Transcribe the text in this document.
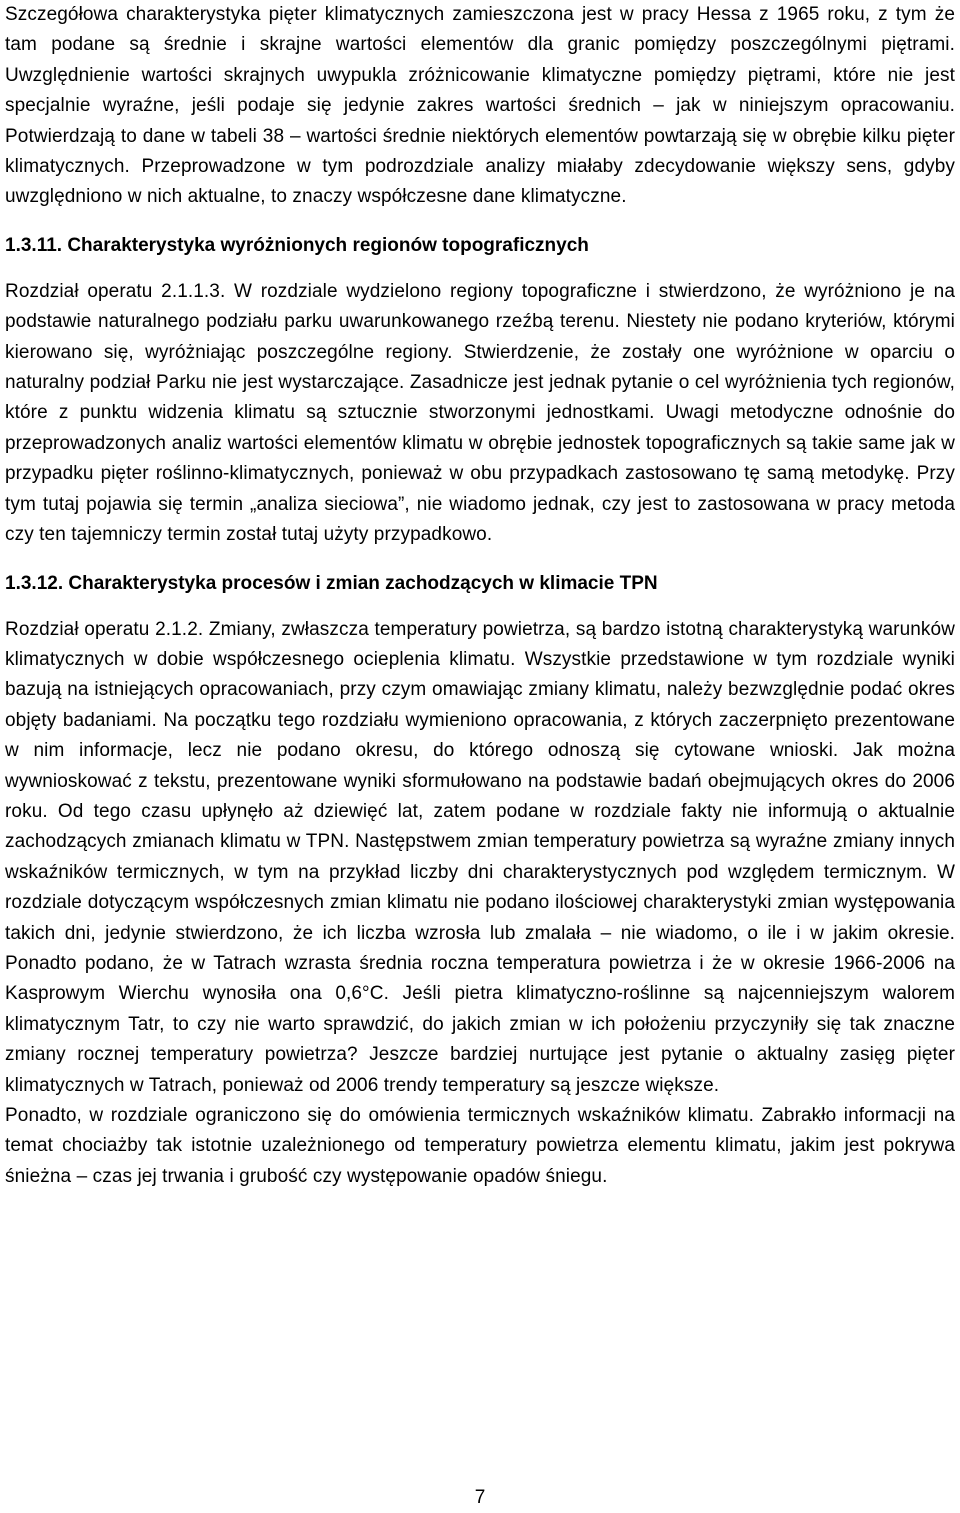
Szczegółowa charakterystyka pięter klimatycznych zamieszczona jest w pracy Hessa z 1965 roku, z tym że tam podane są średnie i skrajne wartości elementów dla granic pomiędzy poszczególnymi piętrami. Uwzględnienie wartości skrajnych uwypukla zróżnicowanie klimatyczne pomiędzy piętrami, które nie jest specjalnie wyraźne, jeśli podaje się jedynie zakres wartości średnich – jak w niniejszym opracowaniu. Potwierdzają to dane w tabeli 38 – wartości średnie niektórych elementów powtarzają się w obrębie kilku pięter klimatycznych. Przeprowadzone w tym podrozdziale analizy miałaby zdecydowanie większy sens, gdyby uwzględniono w nich aktualne, to znaczy współczesne dane klimatyczne.

1.3.11. Charakterystyka wyróżnionych regionów topograficznych

Rozdział operatu 2.1.1.3. W rozdziale wydzielono regiony topograficzne i stwierdzono, że wyróżniono je na podstawie naturalnego podziału parku uwarunkowanego rzeźbą terenu. Niestety nie podano kryteriów, którymi kierowano się, wyróżniając poszczególne regiony. Stwierdzenie, że zostały one wyróżnione w oparciu o naturalny podział Parku nie jest wystarczające. Zasadnicze jest jednak pytanie o cel wyróżnienia tych regionów, które z punktu widzenia klimatu są sztucznie stworzonymi jednostkami. Uwagi metodyczne odnośnie do przeprowadzonych analiz wartości elementów klimatu w obrębie jednostek topograficznych są takie same jak w przypadku pięter roślinno-klimatycznych, ponieważ w obu przypadkach zastosowano tę samą metodykę. Przy tym tutaj pojawia się termin „analiza sieciowa”, nie wiadomo jednak, czy jest to zastosowana w pracy metoda czy ten tajemniczy termin został tutaj użyty przypadkowo.

1.3.12. Charakterystyka procesów i zmian zachodzących w klimacie TPN

Rozdział operatu 2.1.2. Zmiany, zwłaszcza temperatury powietrza, są bardzo istotną charakterystyką warunków klimatycznych w dobie współczesnego ocieplenia klimatu. Wszystkie przedstawione w tym rozdziale wyniki bazują na istniejących opracowaniach, przy czym omawiając zmiany klimatu, należy bezwzględnie podać okres objęty badaniami. Na początku tego rozdziału wymieniono opracowania, z których zaczerpnięto prezentowane w nim informacje, lecz nie podano okresu, do którego odnoszą się cytowane wnioski. Jak można wywnioskować z tekstu, prezentowane wyniki sformułowano na podstawie badań obejmujących okres do 2006 roku. Od tego czasu upłynęło aż dziewięć lat, zatem podane w rozdziale fakty nie informują o aktualnie zachodzących zmianach klimatu w TPN. Następstwem zmian temperatury powietrza są wyraźne zmiany innych wskaźników termicznych, w tym na przykład liczby dni charakterystycznych pod względem termicznym. W rozdziale dotyczącym współczesnych zmian klimatu nie podano ilościowej charakterystyki zmian występowania takich dni, jedynie stwierdzono, że ich liczba wzrosła lub zmalała – nie wiadomo, o ile i w jakim okresie. Ponadto podano, że w Tatrach wzrasta średnia roczna temperatura powietrza i że w okresie 1966-2006 na Kasprowym Wierchu wynosiła ona 0,6°C. Jeśli pietra klimatyczno-roślinne są najcenniejszym walorem klimatycznym Tatr, to czy nie warto sprawdzić, do jakich zmian w ich położeniu przyczyniły się tak znaczne zmiany rocznej temperatury powietrza? Jeszcze bardziej nurtujące jest pytanie o aktualny zasięg pięter klimatycznych w Tatrach, ponieważ od 2006 trendy temperatury są jeszcze większe.

Ponadto, w rozdziale ograniczono się do omówienia termicznych wskaźników klimatu. Zabrakło informacji na temat chociażby tak istotnie uzależnionego od temperatury powietrza elementu klimatu, jakim jest pokrywa śnieżna – czas jej trwania i grubość czy występowanie opadów śniegu.

7
